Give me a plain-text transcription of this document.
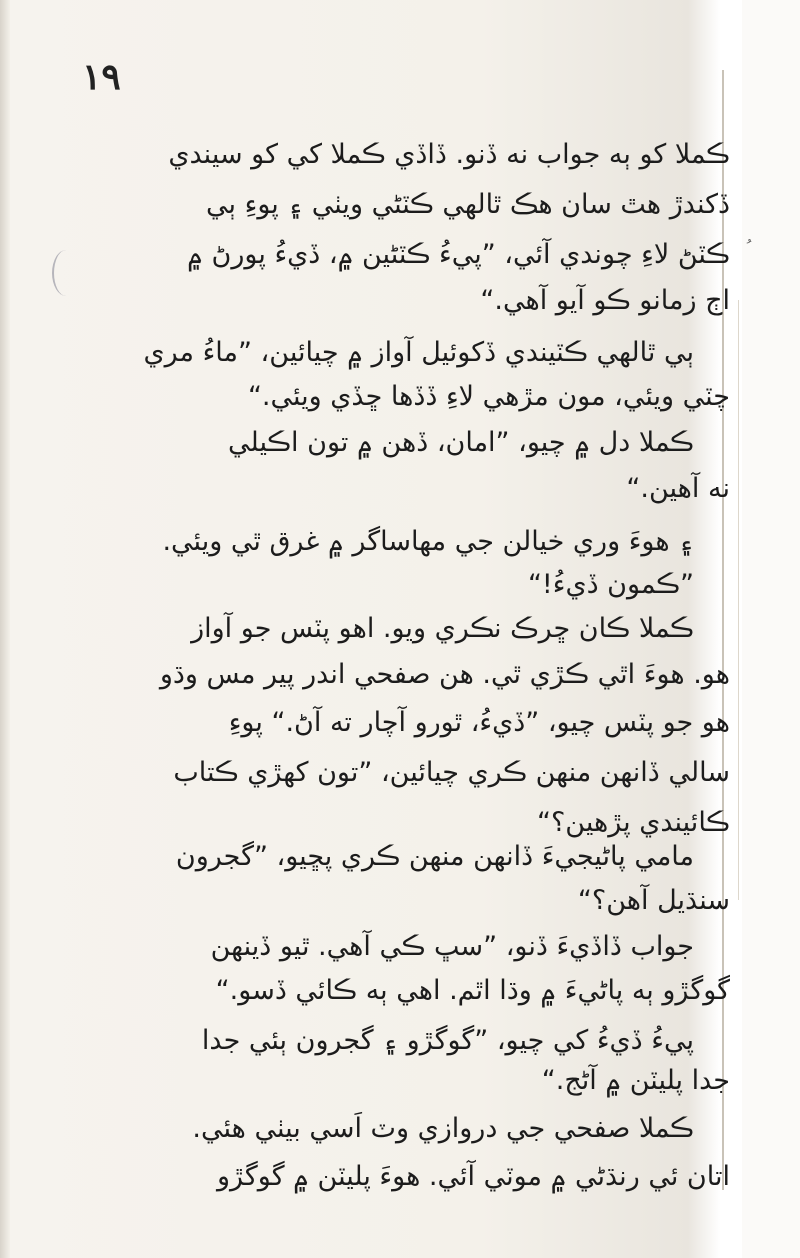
١٩
ڪملا کو ٻه جواب نه ڏنو. ڏاڏي ڪملا کي کو سيندي
ڏکندڙ هٿ سان هڪ ٿالهي ڪٽڻي ويٺي ۽ پوءِ ٻي
ڪٽڻ لاءِ چوندي آئي، ”پيءُ ڪٽڻين ۾، ڏيءُ پورڻ ۾
اڄ زمانو ڪو آيو آهي.“
ٻي ٿالهي ڪٽيندي ڏکوئيل آواز ۾ چيائين، ”ماءُ مري
چٽي ويئي، مون مڙهي لاءِ ڏڏها ڇڏي ويئي.“
ڪملا دل ۾ چيو، ”امان، ڏهن ۾ تون اڪيلي
نه آهين.“
۽ هوءَ وري خيالن جي مهاساگر ۾ غرق ٿي ويئي.
”ڪمون ڏيءُ!“
ڪملا ڪان ڇرڪ نڪري ويو. اهو پٽس جو آواز
هو. هوءَ اٿي ڪڙي ٿي. هن صفحي اندر پير مس وڌو
هو جو پٽس چيو، ”ڏيءُ، ٿورو آچار ته آڻ.“ پوءِ
سالي ڏانهن منهن ڪري چيائين، ”تون کهڙي ڪتاب
ڪائيندي پڙهين؟“
مامي پاڻيجيءَ ڏانهن منهن ڪري پڇيو، ”گجرون
سنڌيل آهن؟“
جواب ڏاڏيءَ ڏنو، ”سڀ ڪي آهي. ٿيو ڏينهن
گوگڙو ٻه پاڻيءَ ۾ وڌا اٿم. اهي ٻه ڪائي ڏسو.“
پيءُ ڏيءُ کي چيو، ”گوگڙو ۽ گجرون ٻئي جدا
جدا پليٽن ۾ آڻج.“
ڪملا صفحي جي دروازي وٽ اَسي بيٺي هئي.
اتان ئي رنڌڻي ۾ موٽي آئي. هوءَ پليٽن ۾ گوگڙو
